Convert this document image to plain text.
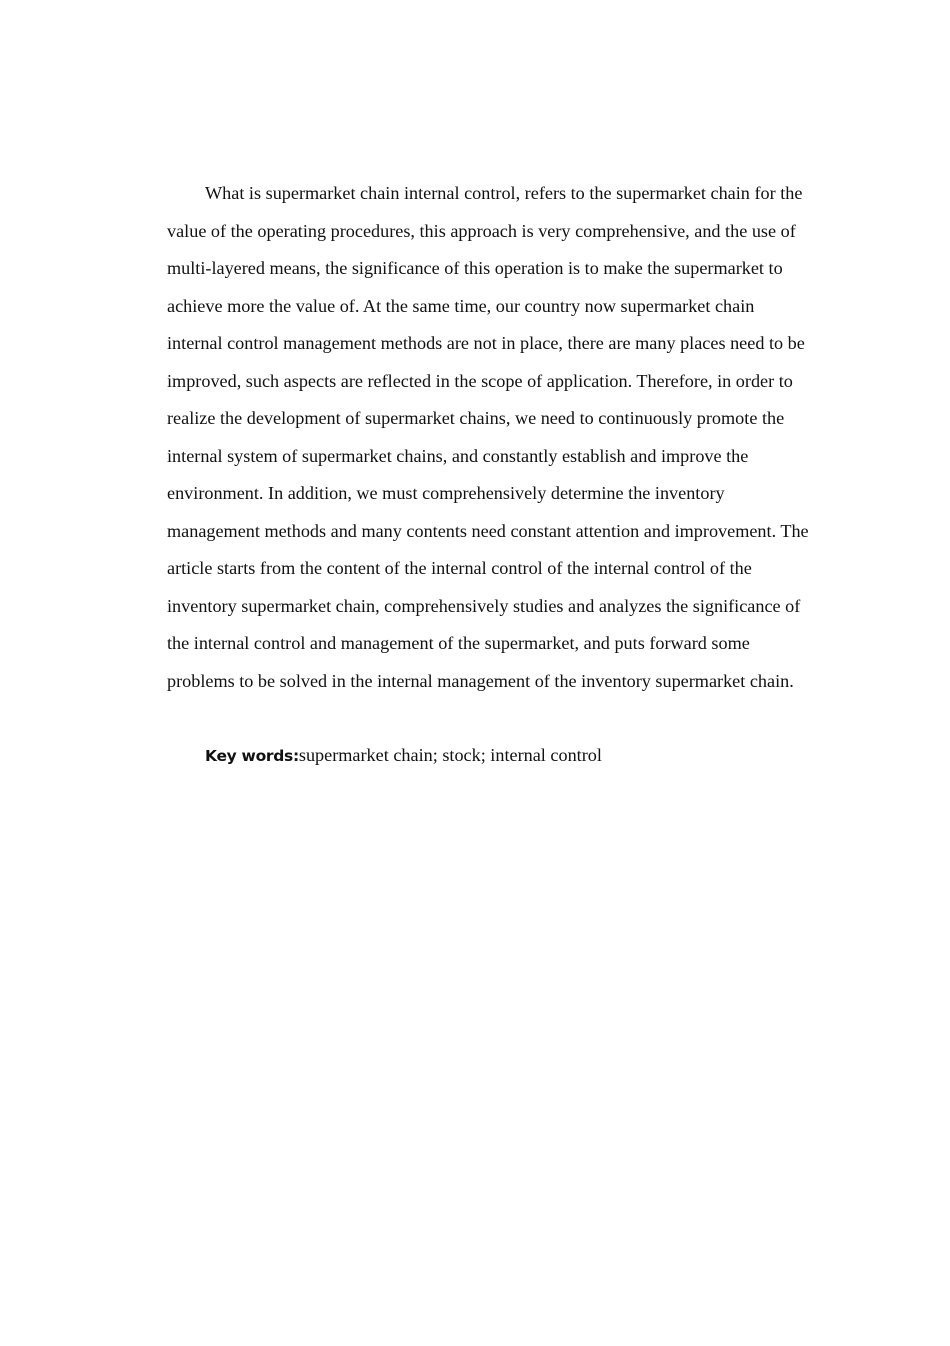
What is supermarket chain internal control, refers to the supermarket chain for the value of the operating procedures, this approach is very comprehensive, and the use of multi-layered means, the significance of this operation is to make the supermarket to achieve more the value of. At the same time, our country now supermarket chain internal control management methods are not in place, there are many places need to be improved, such aspects are reflected in the scope of application. Therefore, in order to realize the development of supermarket chains, we need to continuously promote the internal system of supermarket chains, and constantly establish and improve the environment. In addition, we must comprehensively determine the inventory management methods and many contents need constant attention and improvement. The article starts from the content of the internal control of the internal control of the inventory supermarket chain, comprehensively studies and analyzes the significance of the internal control and management of the supermarket, and puts forward some problems to be solved in the internal management of the inventory supermarket chain.

Key words:supermarket chain; stock; internal control
